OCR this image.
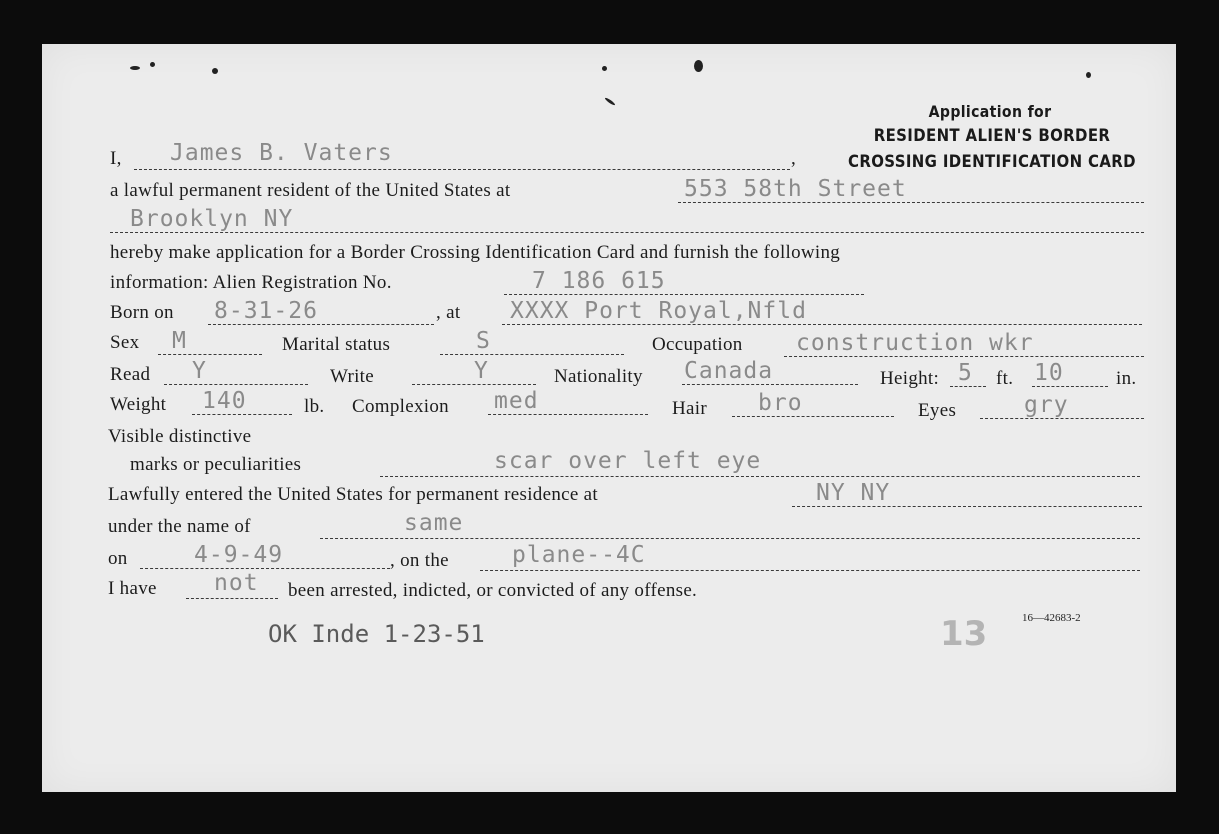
Application for
RESIDENT ALIEN'S BORDER
CROSSING IDENTIFICATION CARD
I, James B. Vaters	,
a lawful permanent resident of the United States at	553 58th Street
Brooklyn NY
hereby make application for a Border Crossing Identification Card and furnish the following
information: Alien Registration No.	7 186 615
Born on 8-31-26	, at XXXX Port Royal,Nfld
Sex M	Marital status	S	Occupation construction wkr
Read Y	Write	Y	Nationality Canada	Height: 5 ft. 10	in.
Weight 140	lb. Complexion med	Hair bro	Eyes	gry
Visible distinctive
marks or peculiarities	scar over left eye
Lawfully entered the United States for permanent residence at	NY NY
under the name of	same
on	4-9-49	, on the	plane--4C
I have not been arrested, indicted, or convicted of any offense.
16—42683-2
OK Inde 1-23-51	13
